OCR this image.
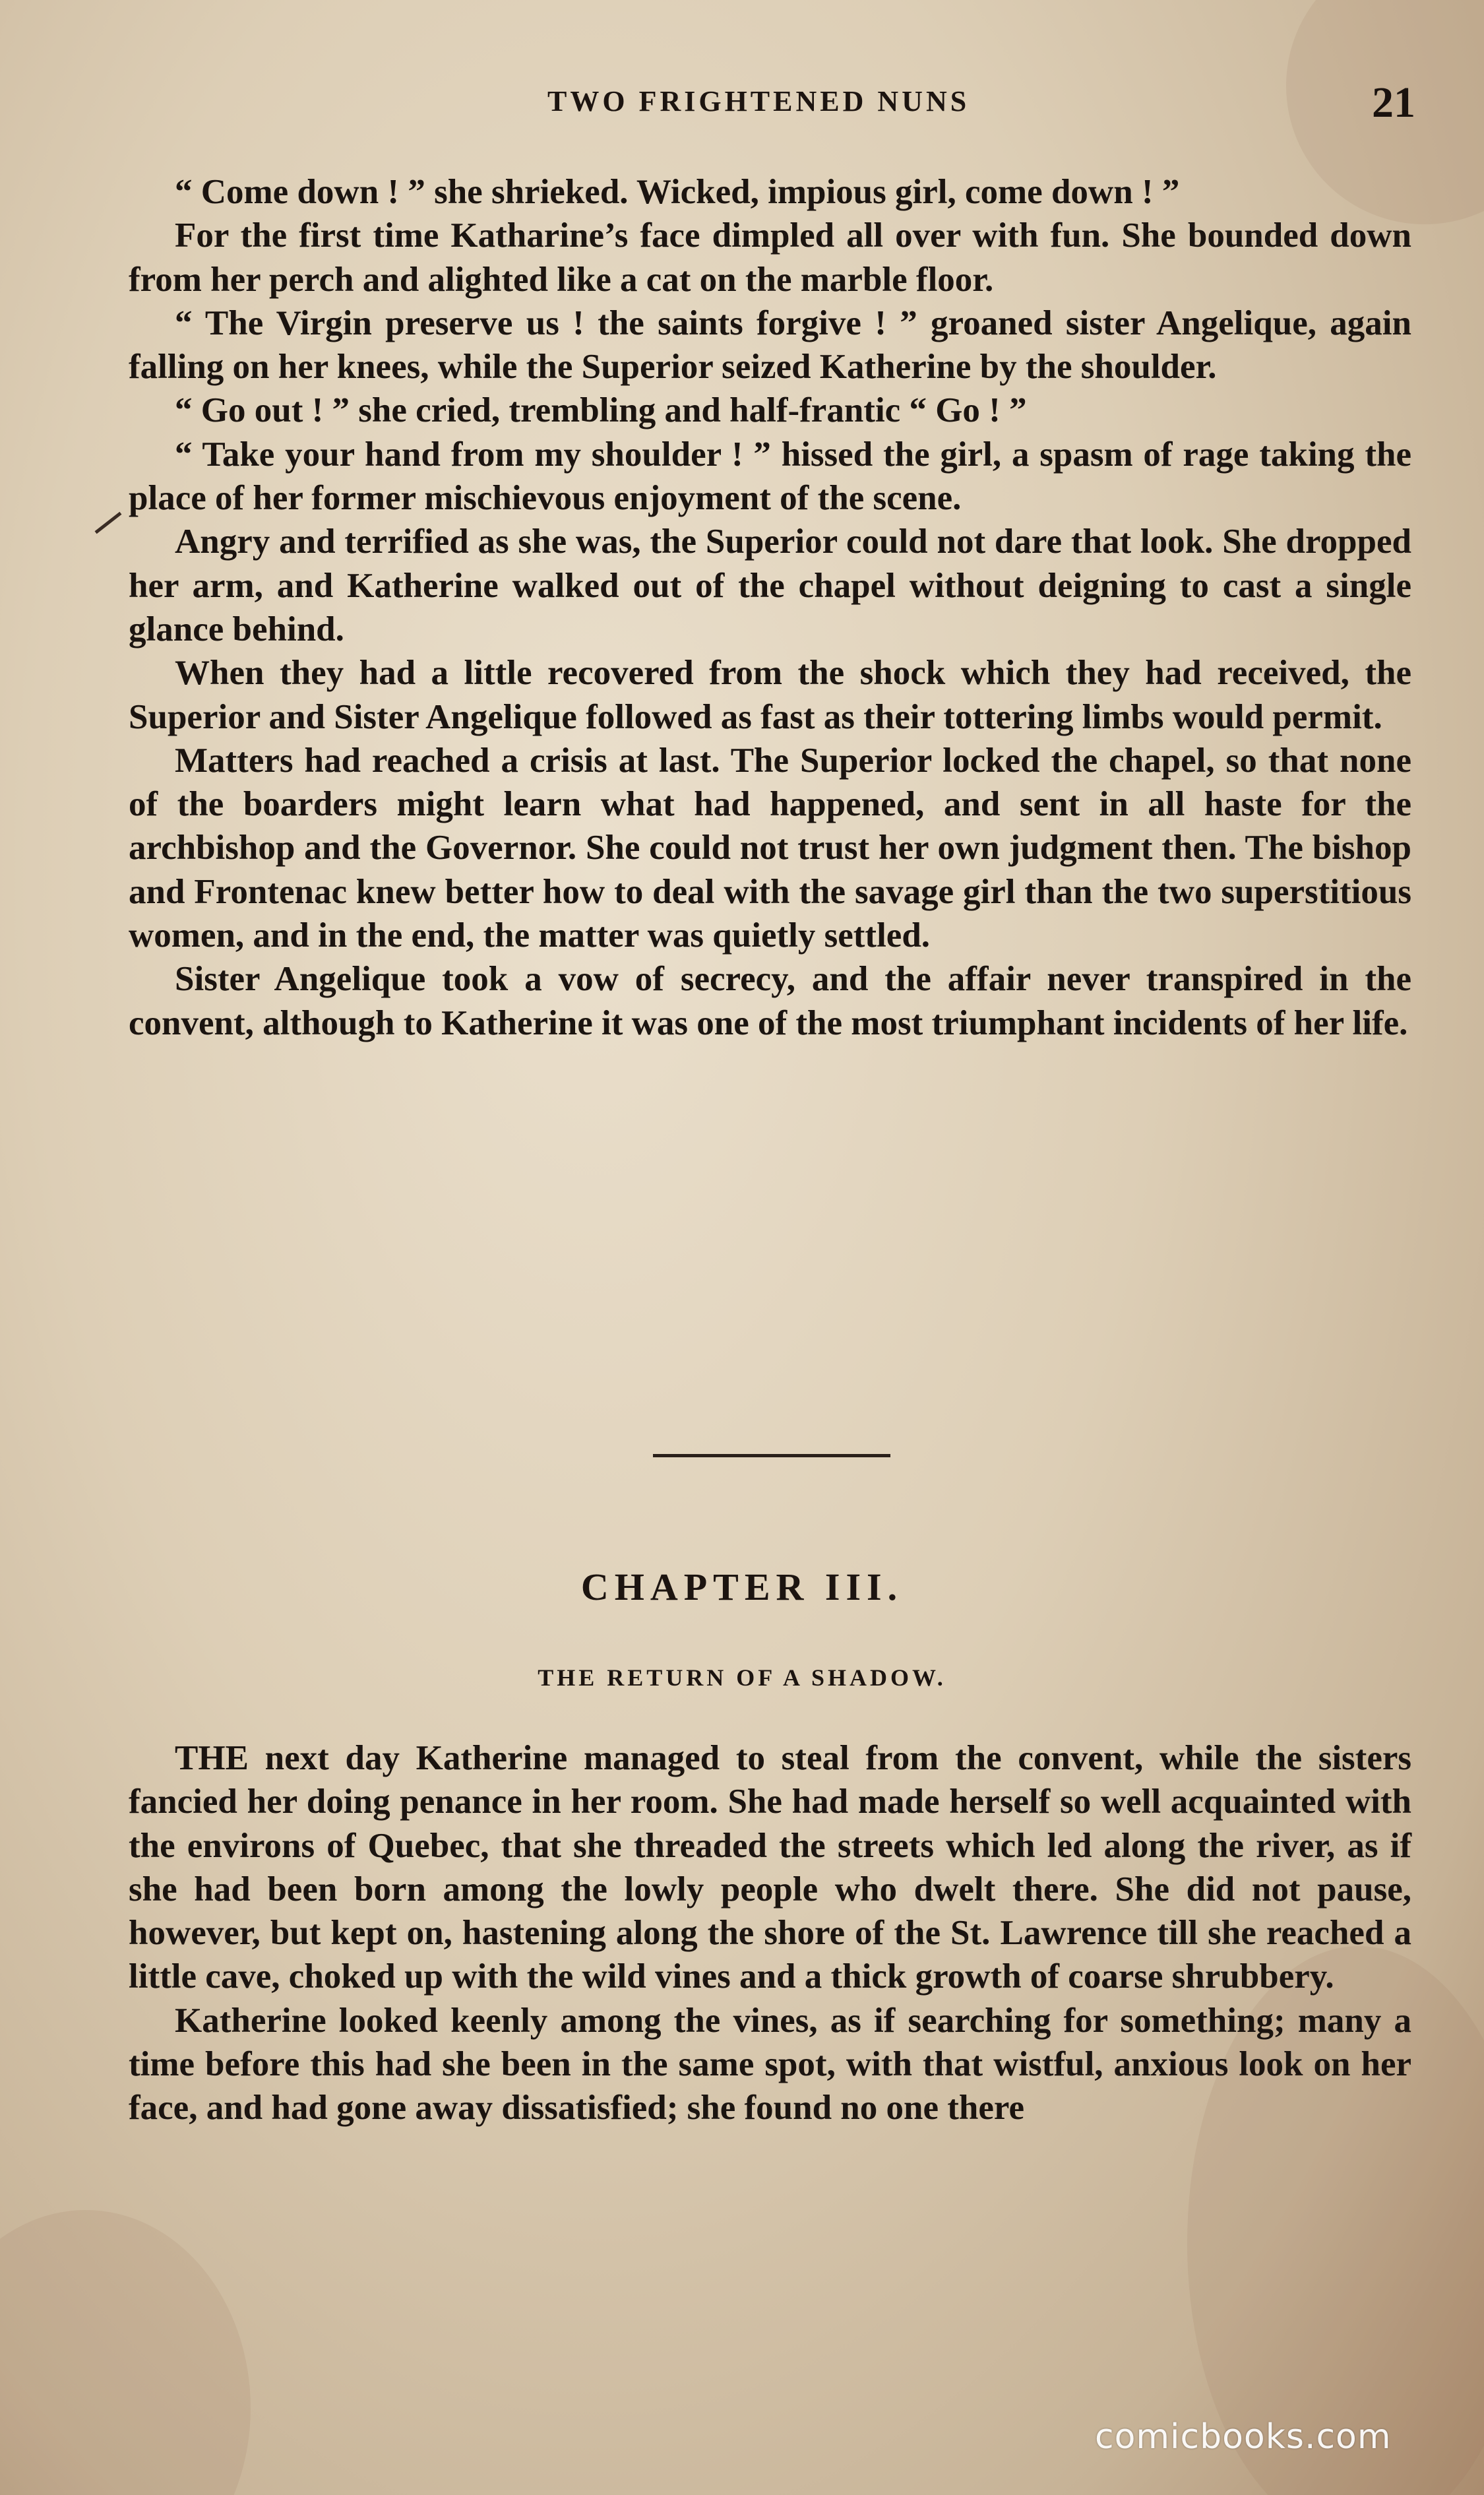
TWO FRIGHTENED NUNS	21

“ Come down ! ” she shrieked. Wicked, impious girl, come down ! ”

For the first time Katharine’s face dimpled all over with fun. She bounded down from her perch and alighted like a cat on the marble floor.

“ The Virgin preserve us ! the saints forgive ! ” groaned sister Angelique, again falling on her knees, while the Superior seized Katherine by the shoulder.

“ Go out ! ” she cried, trembling and half-frantic “ Go ! ”

“ Take your hand from my shoulder ! ” hissed the girl, a spasm of rage taking the place of her former mischievous enjoyment of the scene.

Angry and terrified as she was, the Superior could not dare that look. She dropped her arm, and Katherine walked out of the chapel without deigning to cast a single glance behind.

When they had a little recovered from the shock which they had received, the Superior and Sister Angelique followed as fast as their tottering limbs would permit.

Matters had reached a crisis at last. The Superior locked the chapel, so that none of the boarders might learn what had happened, and sent in all haste for the archbishop and the Governor. She could not trust her own judgment then. The bishop and Frontenac knew better how to deal with the savage girl than the two superstitious women, and in the end, the matter was quietly settled.

Sister Angelique took a vow of secrecy, and the affair never transpired in the convent, although to Katherine it was one of the most triumphant incidents of her life.

CHAPTER III.
THE RETURN OF A SHADOW.

THE next day Katherine managed to steal from the convent, while the sisters fancied her doing penance in her room. She had made herself so well acquainted with the environs of Quebec, that she threaded the streets which led along the river, as if she had been born among the lowly people who dwelt there. She did not pause, however, but kept on, hastening along the shore of the St. Lawrence till she reached a little cave, choked up with the wild vines and a thick growth of coarse shrubbery.

Katherine looked keenly among the vines, as if searching for something; many a time before this had she been in the same spot, with that wistful, anxious look on her face, and had gone away dissatisfied; she found no one there

comicbooks.com
